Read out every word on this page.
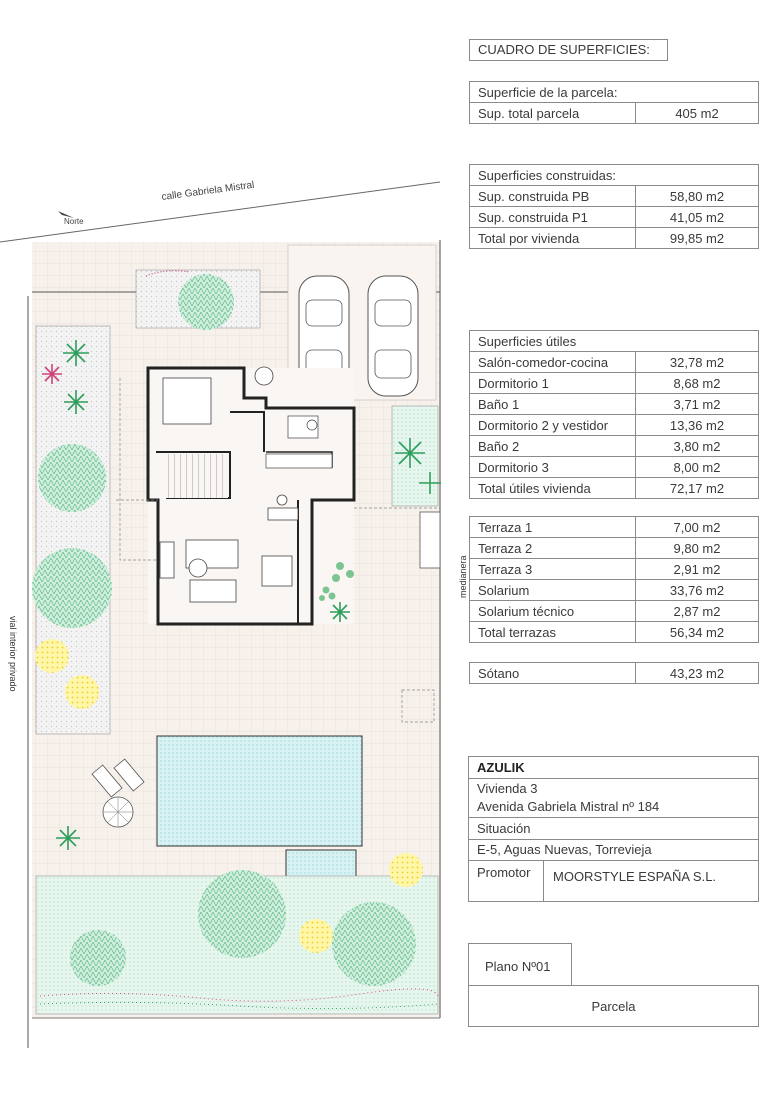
calle Gabriela Mistral
Norte
vial interior privado
medianera
CUADRO DE SUPERFICIES:
Superficie de la parcela:
Sup. total parcela	405 m2
Superficies construidas:	
Sup. construida PB	58,80 m2
Sup. construida P1	41,05 m2
Total por vivienda	99,85 m2
Superficies útiles	
Salón-comedor-cocina	32,78 m2
Dormitorio 1	8,68 m2
Baño 1	3,71 m2
Dormitorio 2 y vestidor	13,36 m2
Baño 2	3,80 m2
Dormitorio 3	8,00 m2
Total útiles vivienda	72,17 m2
Terraza 1	7,00 m2
Terraza 2	9,80 m2
Terraza 3	2,91 m2
Solarium	33,76 m2
Solarium técnico	2,87 m2
Total terrazas	56,34 m2
Sótano	43,23 m2
AZULIK
Vivienda 3
Avenida Gabriela Mistral nº 184
Situación
E-5, Aguas Nuevas, Torrevieja
Promotor MOORSTYLE ESPAÑA S.L.
Plano Nº01
Parcela
